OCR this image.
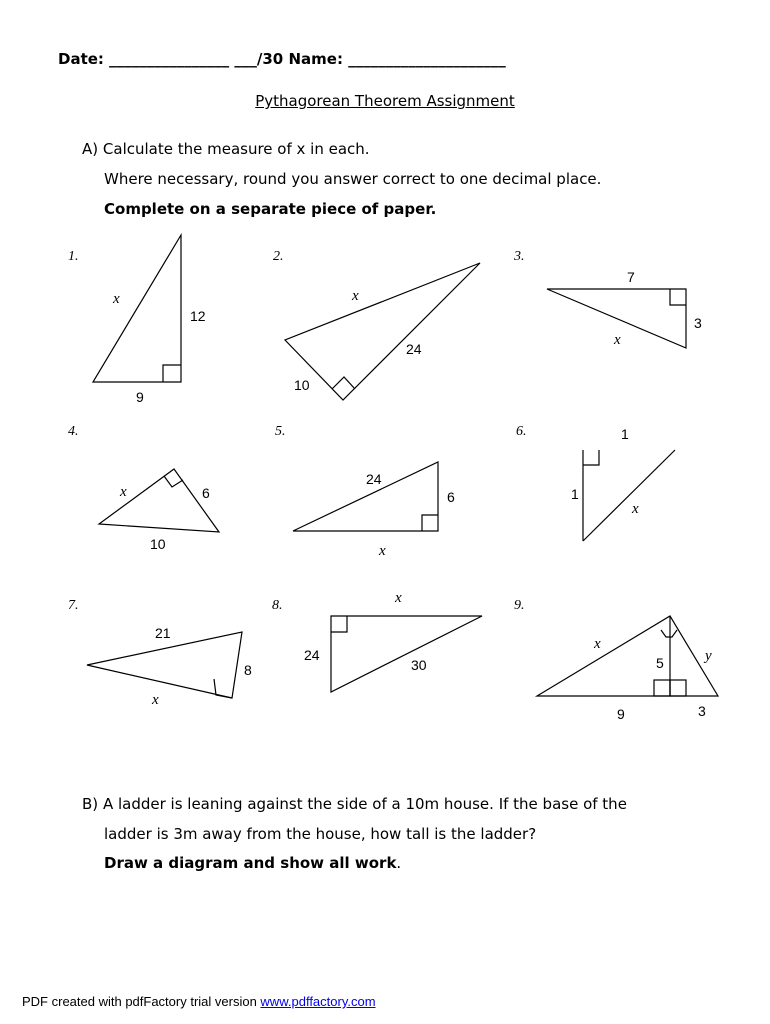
Date: ________________ ___/30 Name: _____________________
Pythagorean Theorem Assignment
A) Calculate the measure of x in each.
Where necessary, round you answer correct to one decimal place.
Complete on a separate piece of paper.
1.
x
12
9
2.
x
24
10
3.
7
3
x
4.
x	6
10
5.
24
6
x
6.	1
1
x
7.
21
8
x
8.	x
24
30
9.
x
5	y
9	3
B) A ladder is leaning against the side of a 10m house. If the base of the
ladder is 3m away from the house, how tall is the ladder?
Draw a diagram and show all work.
PDF created with pdfFactory trial version www.pdffactory.com
